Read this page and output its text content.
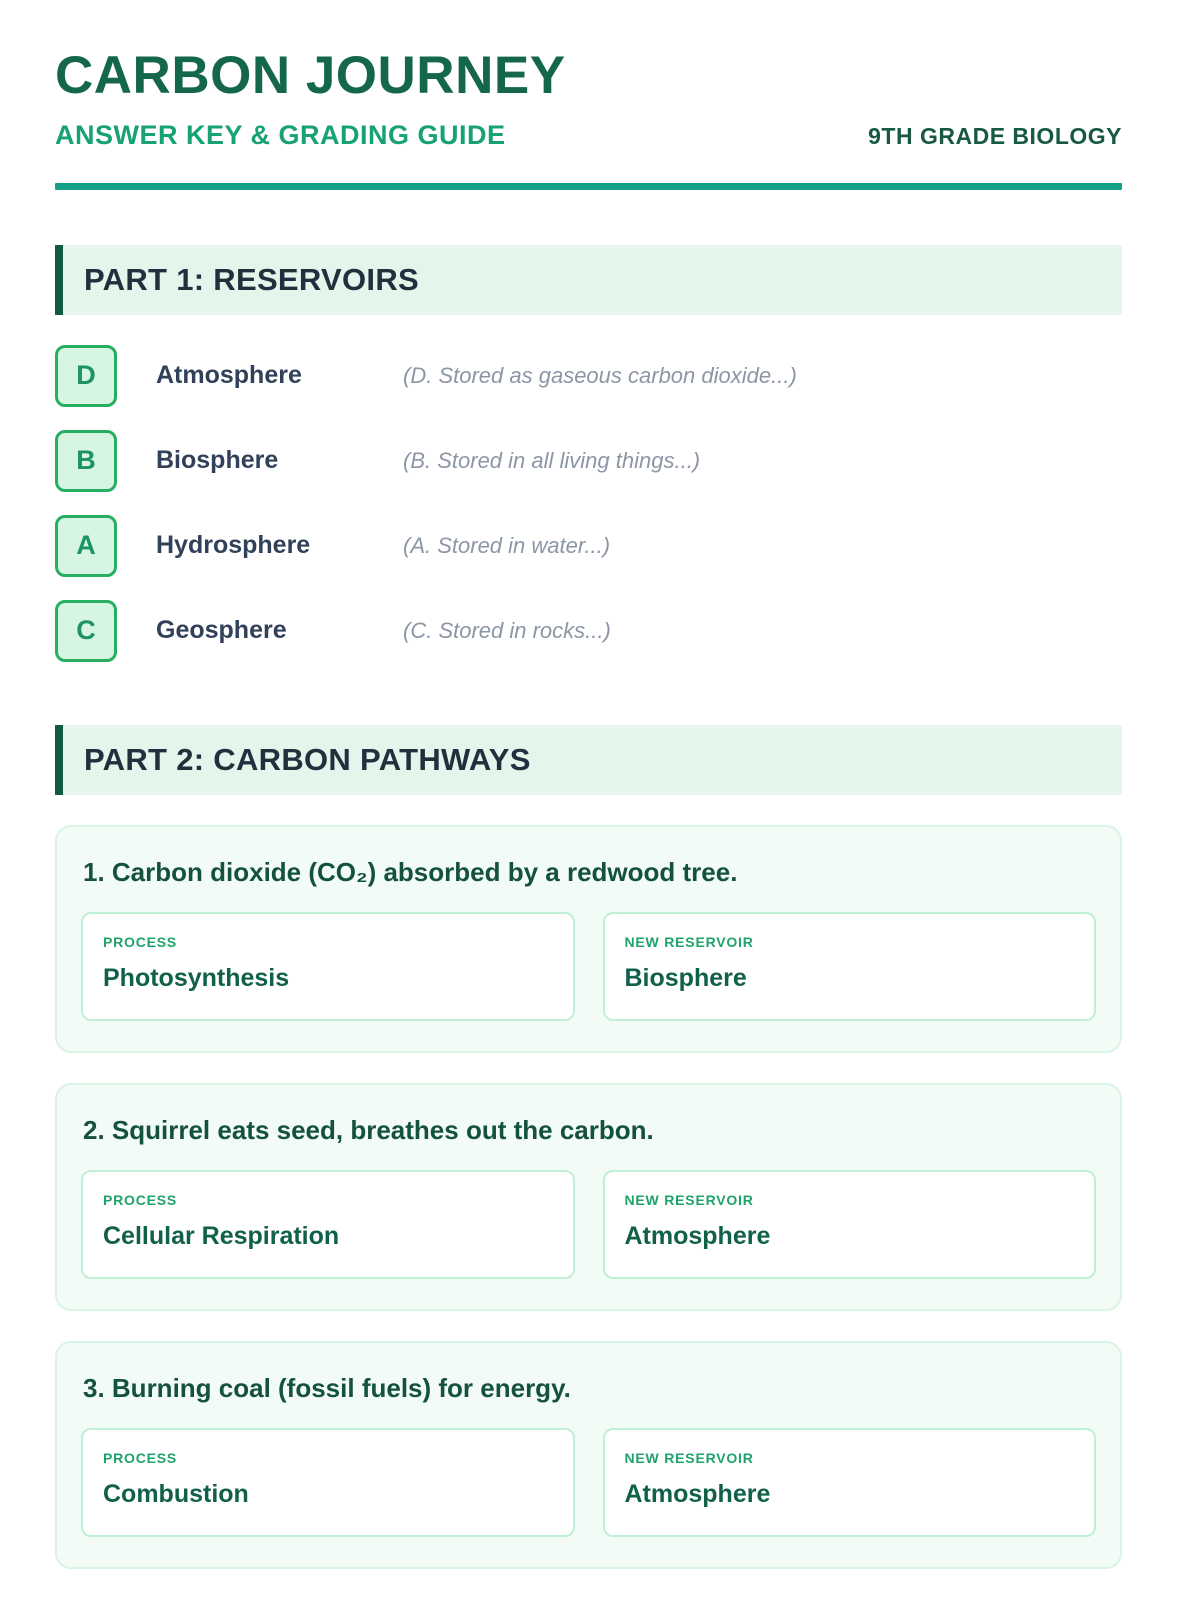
CARBON JOURNEY
ANSWER KEY & GRADING GUIDE	9TH GRADE BIOLOGY
PART 1: RESERVOIRS
D	Atmosphere	(D. Stored as gaseous carbon dioxide...)
B	Biosphere	(B. Stored in all living things...)
A	Hydrosphere	(A. Stored in water...)
C	Geosphere	(C. Stored in rocks...)
PART 2: CARBON PATHWAYS
1. Carbon dioxide (CO₂) absorbed by a redwood tree.
PROCESS
Photosynthesis
NEW RESERVOIR
Biosphere
2. Squirrel eats seed, breathes out the carbon.
PROCESS
Cellular Respiration
NEW RESERVOIR
Atmosphere
3. Burning coal (fossil fuels) for energy.
PROCESS
Combustion
NEW RESERVOIR
Atmosphere
